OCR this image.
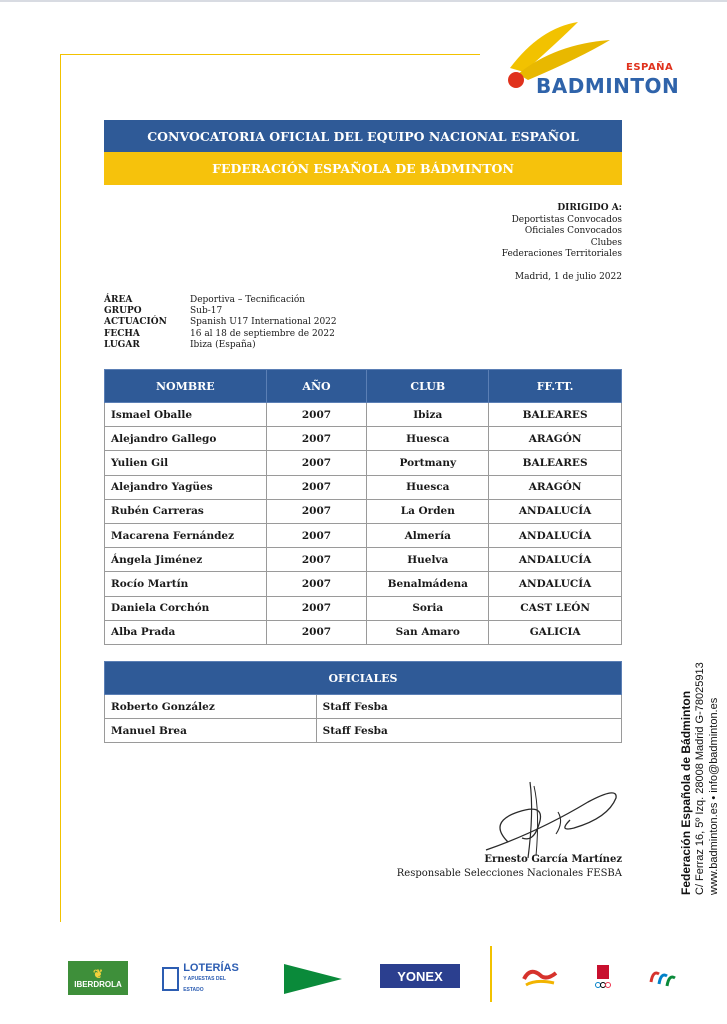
ESPAÑA
BADMINTON
CONVOCATORIA OFICIAL DEL EQUIPO NACIONAL ESPAÑOL
FEDERACIÓN ESPAÑOLA DE BÁDMINTON
DIRIGIDO A:
Deportistas Convocados
Oficiales Convocados
Clubes
Federaciones Territoriales
Madrid, 1 de julio 2022
ÁREA	Deportiva – Tecnificación
GRUPO	Sub-17
ACTUACIÓN	Spanish U17 International 2022
FECHA	16 al 18 de septiembre de 2022
LUGAR	Ibiza (España)
NOMBRE	AÑO	CLUB	FF.TT.
Ismael Oballe	2007	Ibiza	BALEARES
Alejandro Gallego	2007	Huesca	ARAGÓN
Yulien Gil	2007	Portmany	BALEARES
Alejandro Yagües	2007	Huesca	ARAGÓN
Rubén Carreras	2007	La Orden	ANDALUCÍA
Macarena Fernández	2007	Almería	ANDALUCÍA
Ángela Jiménez	2007	Huelva	ANDALUCÍA
Rocío Martín	2007	Benalmádena	ANDALUCÍA
Daniela Corchón	2007	Soria	CAST LEÓN
Alba Prada	2007	San Amaro	GALICIA
OFICIALES	
Roberto González	Staff Fesba
Manuel Brea	Staff Fesba
Ernesto García Martínez
Responsable Selecciones Nacionales FESBA	Federación Española de Bádminton C/ Ferraz 16, 5º Izq. 28008 Madrid G-78025913 www.badminton.es • info@badminton.es
❦
IBERDROLA
LOTERÍAS
Y APUESTAS DEL ESTADO
YONEX
